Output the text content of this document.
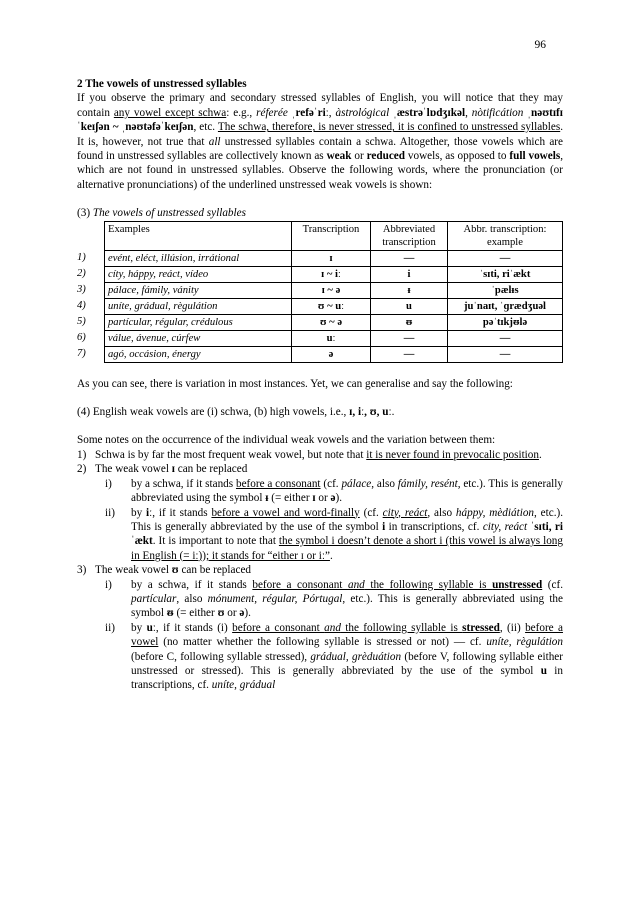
96

2 The vowels of unstressed syllables

If you observe the primary and secondary stressed syllables of English, you will notice that they may contain any vowel except schwa: e.g., réferée ˌrefəˈriː, àstrológical ˌæstrəˈlɒdʒɪkəl, nòtificátion ˌnəʊtɪfɪˈkeɪʃən ~ ˌnəʊtəfəˈkeɪʃən, etc. The schwa, therefore, is never stressed, it is confined to unstressed syllables. It is, however, not true that all unstressed syllables contain a schwa. Altogether, those vowels which are found in unstressed syllables are collectively known as weak or reduced vowels, as opposed to full vowels, which are not found in unstressed syllables. Observe the following words, where the pronunciation (or alternative pronunciations) of the underlined unstressed weak vowels is shown:

(3) The vowels of unstressed syllables

	Examples	Transcription	Abbreviated transcription	Abbr. transcription: example
1)	evént, eléct, illúsion, irrátional	ɪ	—	—
2)	cíty, háppy, reáct, vídeo	ɪ ~ iː	i	ˈsɪti, riˈækt
3)	pálace, fámily, vánity	ɪ ~ ə	ᵻ	ˈpælᵻs
4)	uníte, grádual, règulátion	ʊ ~ uː	u	juˈnaɪt, ˈɡrædʒuəl
5)	partícular, régular, crédulous	ʊ ~ ə	ᵿ	pəˈtɪkjᵿlə
6)	válue, ávenue, cúrfew	uː	—	—
7)	agó, occásion, énergy	ə	—	—

As you can see, there is variation in most instances. Yet, we can generalise and say the following:

(4) English weak vowels are (i) schwa, (b) high vowels, i.e., ɪ, iː, ʊ, uː.

Some notes on the occurrence of the individual weak vowels and the variation between them:

1) Schwa is by far the most frequent weak vowel, but note that it is never found in prevocalic position.
2) The weak vowel ɪ can be replaced
i)	by a schwa, if it stands before a consonant (cf. pálace, also fámily, resént, etc.). This is generally abbreviated using the symbol ᵻ (= either ɪ or ə).
ii)	by iː, if it stands before a vowel and word-finally (cf. city, reáct, also háppy, mèdiátion, etc.). This is generally abbreviated by the use of the symbol i in transcriptions, cf. city, reáct ˈsɪti, riˈækt. It is important to note that the symbol i doesn’t denote a short i (this vowel is always long in English (= iː)); it stands for “either ɪ or iː”.
3) The weak vowel ʊ can be replaced
i)	by a schwa, if it stands before a consonant and the following syllable is unstressed (cf. partícular, also mónument, régular, Pórtugal, etc.). This is generally abbreviated using the symbol ᵿ (= either ʊ or ə).
ii)	by uː, if it stands (i) before a consonant and the following syllable is stressed, (ii) before a vowel (no matter whether the following syllable is stressed or not) — cf. uníte, règulátion (before C, following syllable stressed), grádual, grèduátion (before V, following syllable either unstressed or stressed). This is generally abbreviated by the use of the symbol u in transcriptions, cf. uníte, grádual
